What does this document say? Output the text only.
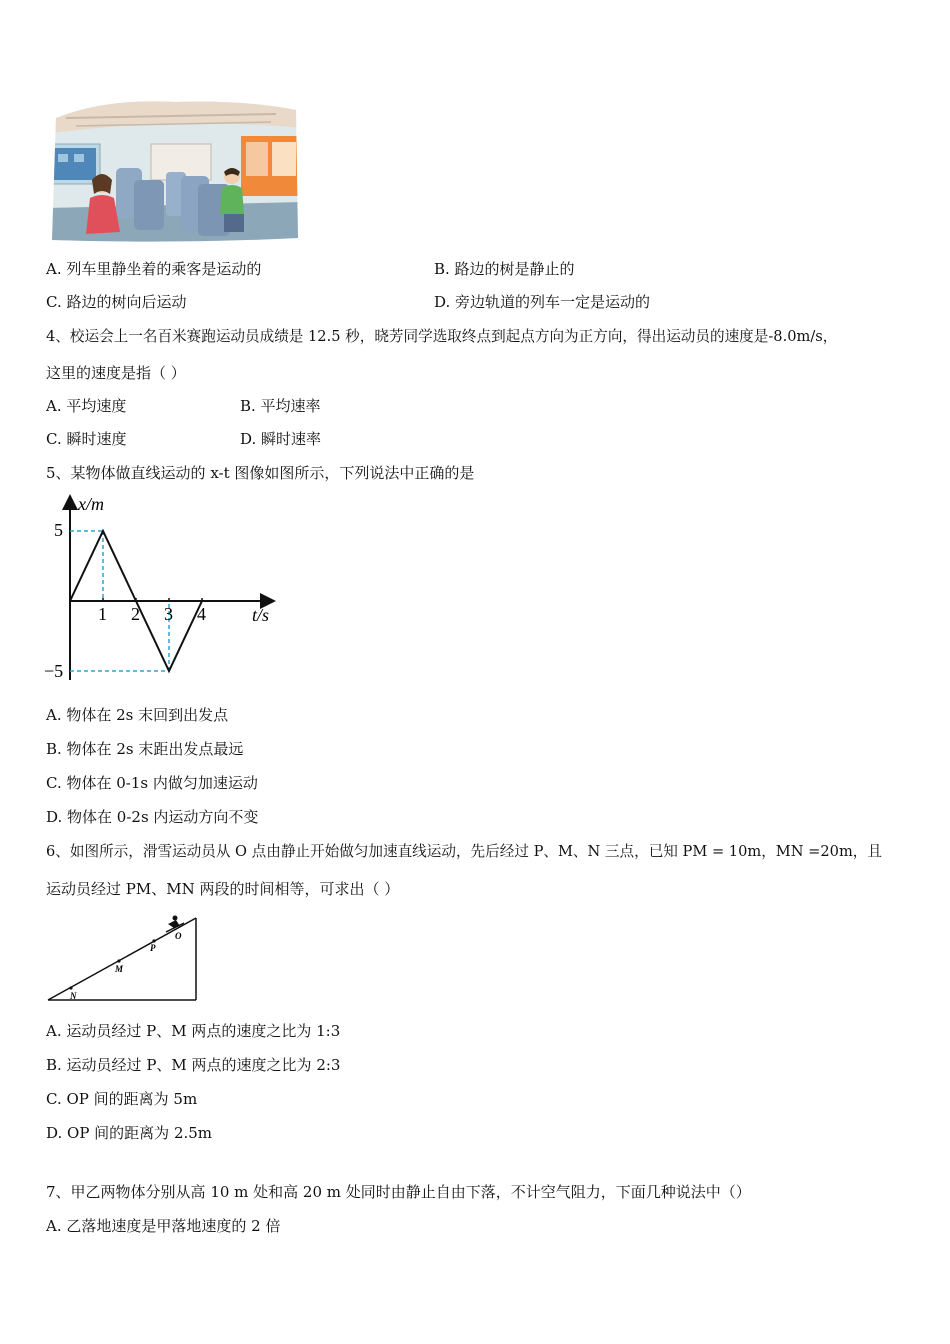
A. 列车里静坐着的乘客是运动的	B. 路边的树是静止的
C. 路边的树向后运动	D. 旁边轨道的列车一定是运动的
4、校运会上一名百米赛跑运动员成绩是 12.5 秒，晓芳同学选取终点到起点方向为正方向，得出运动员的速度是-8.0m/s，
这里的速度是指（ ）
A. 平均速度	B. 平均速率
C. 瞬时速度	D. 瞬时速率
5、某物体做直线运动的 x-t 图像如图所示，下列说法中正确的是
1 2 3 4
x/m
t/s
5
−5
A. 物体在 2s 末回到出发点
B. 物体在 2s 末距出发点最远
C. 物体在 0-1s 内做匀加速运动
D. 物体在 0-2s 内运动方向不变
6、如图所示，滑雪运动员从 O 点由静止开始做匀加速直线运动，先后经过 P、M、N 三点，已知 PM = 10m，MN =20m，且
运动员经过 PM、MN 两段的时间相等，可求出（ ）
O
P
M
N
A. 运动员经过 P、M 两点的速度之比为 1:3
B. 运动员经过 P、M 两点的速度之比为 2:3
C. OP 间的距离为 5m
D. OP 间的距离为 2.5m
7、甲乙两物体分别从高 10 m 处和高 20 m 处同时由静止自由下落，不计空气阻力，下面几种说法中（）
A. 乙落地速度是甲落地速度的 2 倍
